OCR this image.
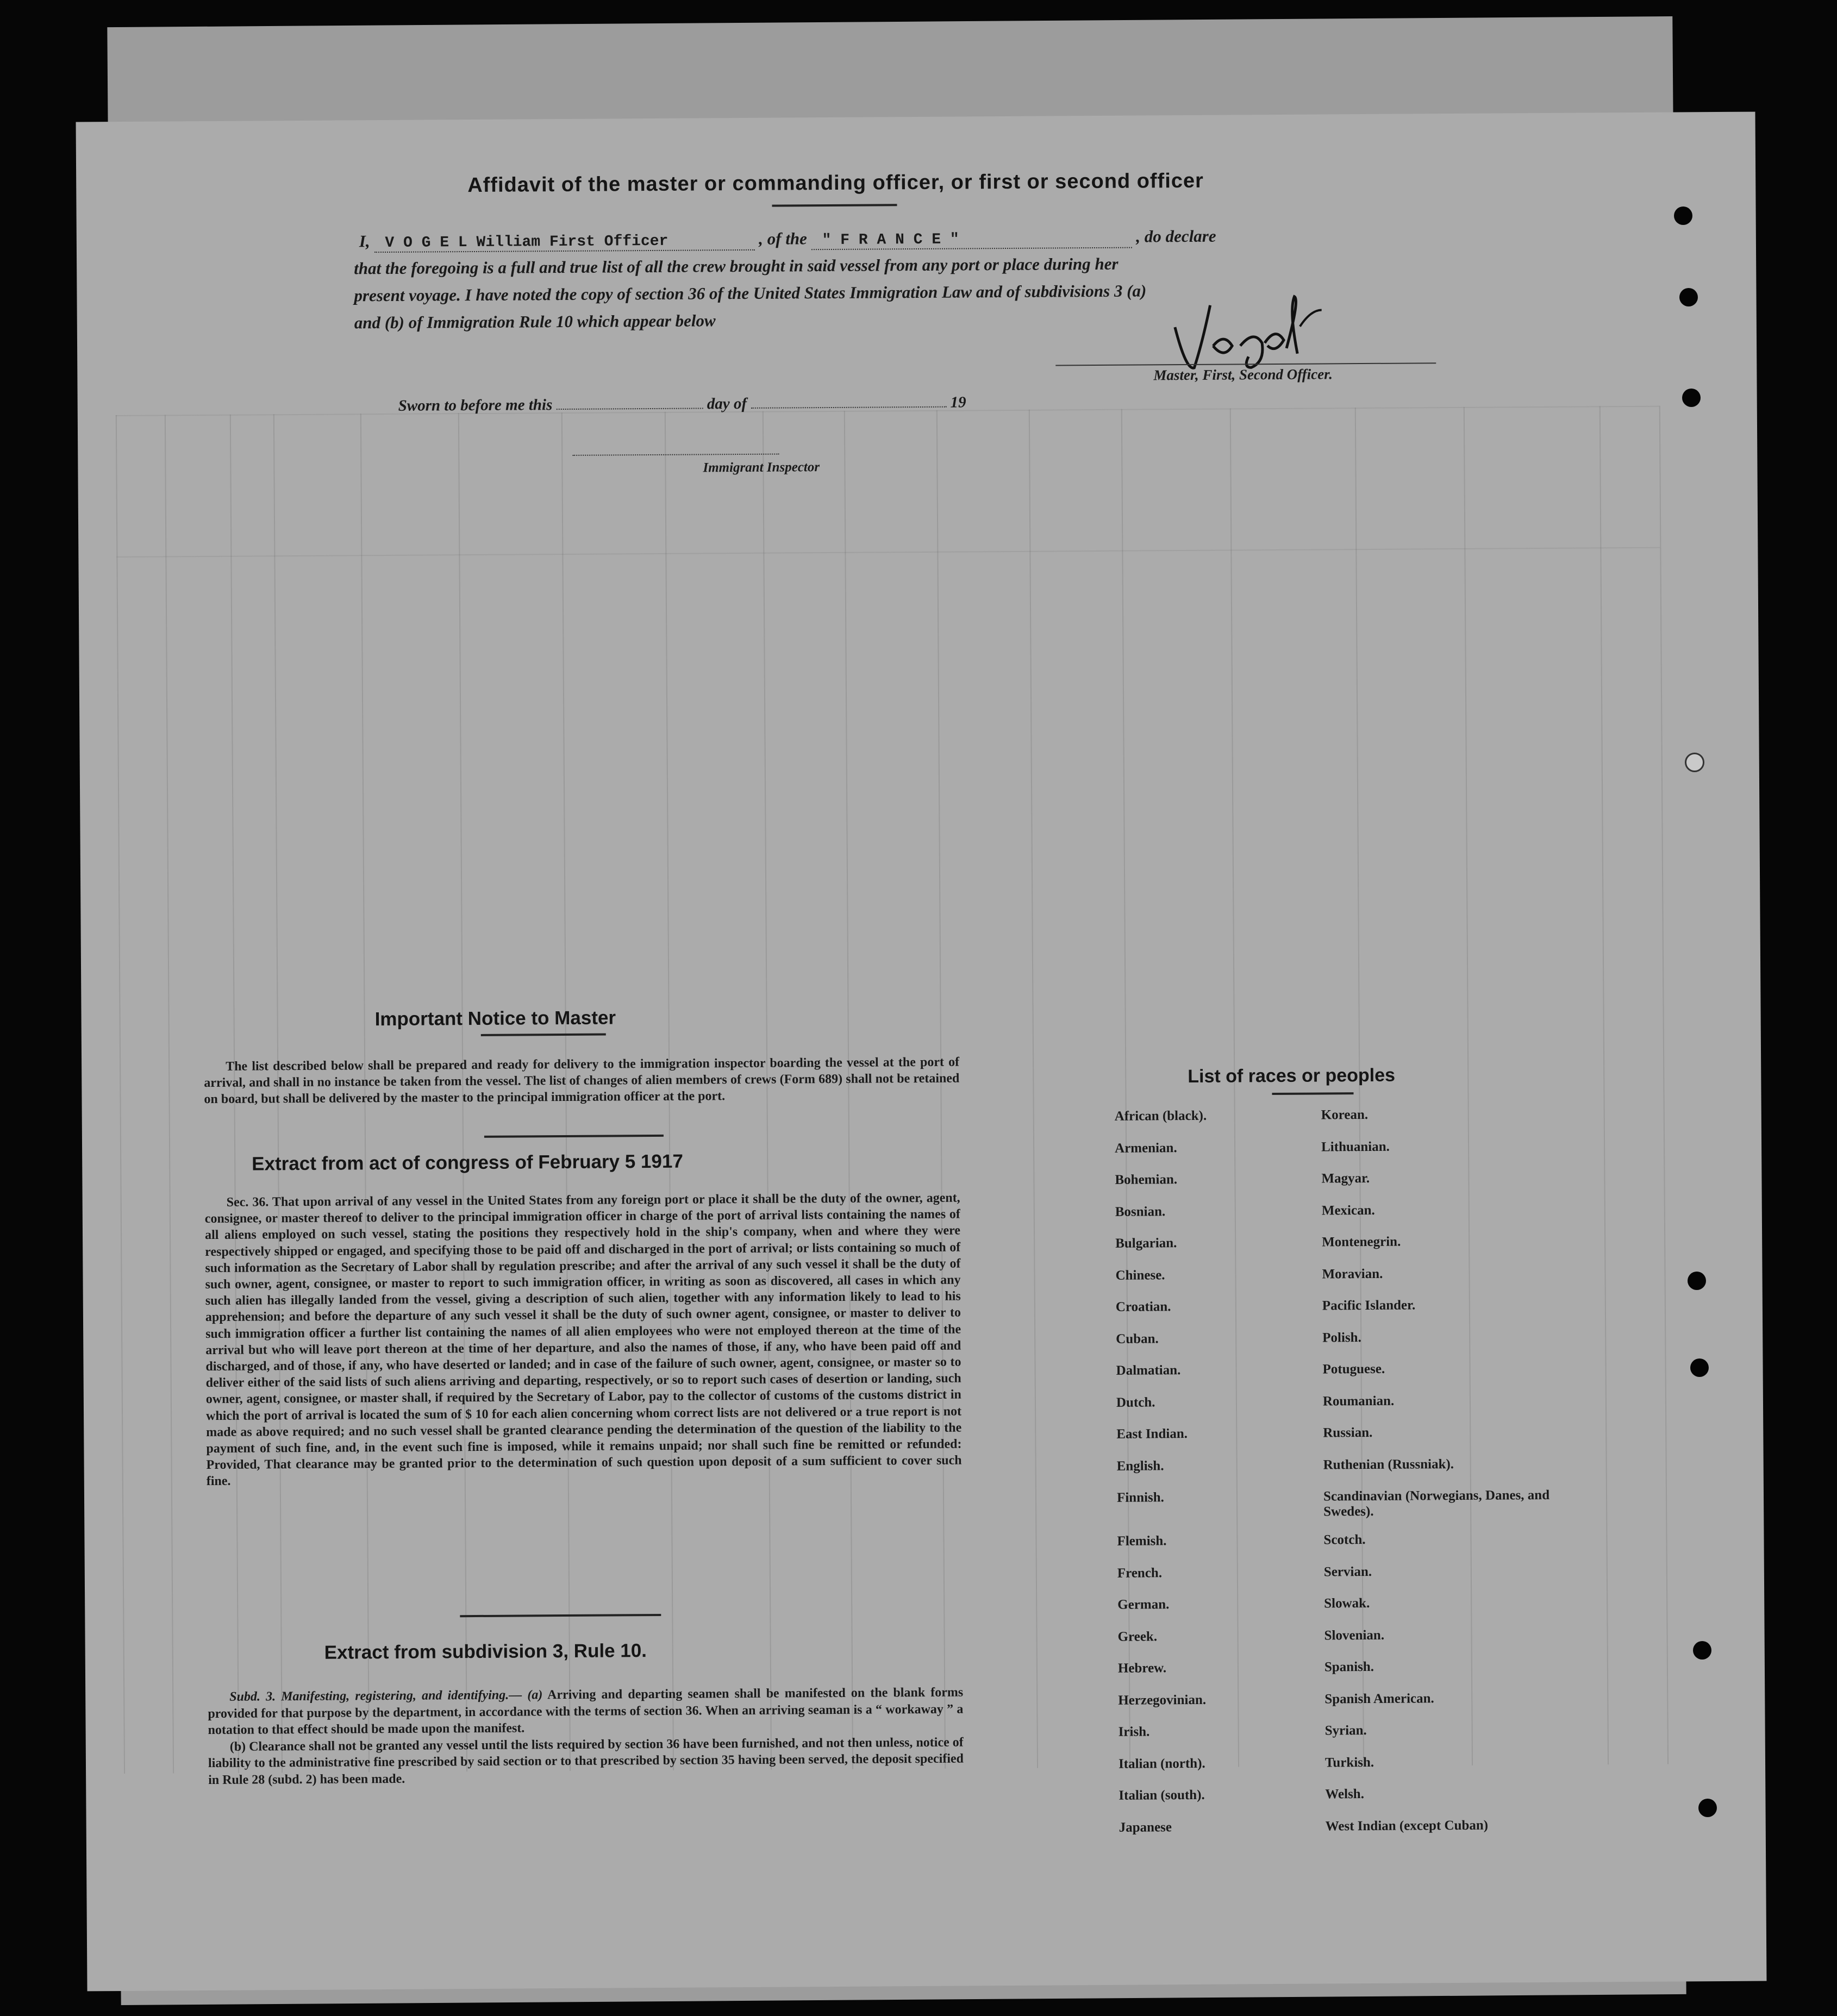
Affidavit of the master or commanding officer, or first or second officer
I, V O G E L William First Officer	, of the " F R A N C E "	, do declare
that the foregoing is a full and true list of all the crew brought in said vessel from any port or place during her
present voyage. I have noted the copy of section 36 of the United States Immigration Law and of subdivisions 3 (a)
and (b) of Immigration Rule 10 which appear below
Master, First, Second Officer.
Sworn to before me this	day of	19
Immigrant Inspector
Important Notice to Master
The list described below shall be prepared and ready for delivery to the immigration inspector boarding the vessel at the port of arrival, and shall in no instance be taken from the vessel. The list of changes of alien members of crews (Form 689) shall not be retained on board, but shall be delivered by the master to the principal immigration officer at the port.
Extract from act of congress of February 5 1917
Sec. 36. That upon arrival of any vessel in the United States from any foreign port or place it shall be the duty of the owner, agent, consignee, or master thereof to deliver to the principal immigration officer in charge of the port of arrival lists containing the names of all aliens employed on such vessel, stating the positions they respectively hold in the ship's company, when and where they were respectively shipped or engaged, and specifying those to be paid off and discharged in the port of arrival; or lists containing so much of such information as the Secretary of Labor shall by regulation prescribe; and after the arrival of any such vessel it shall be the duty of such owner, agent, consignee, or master to report to such immigration officer, in writing as soon as discovered, all cases in which any such alien has illegally landed from the vessel, giving a description of such alien, together with any information likely to lead to his apprehension; and before the departure of any such vessel it shall be the duty of such owner agent, consignee, or master to deliver to such immigration officer a further list containing the names of all alien employees who were not employed thereon at the time of the arrival but who will leave port thereon at the time of her departure, and also the names of those, if any, who have been paid off and discharged, and of those, if any, who have deserted or landed; and in case of the failure of such owner, agent, consignee, or master so to deliver either of the said lists of such aliens arriving and departing, respectively, or so to report such cases of desertion or landing, such owner, agent, consignee, or master shall, if required by the Secretary of Labor, pay to the collector of customs of the customs district in which the port of arrival is located the sum of $ 10 for each alien concerning whom correct lists are not delivered or a true report is not made as above required; and no such vessel shall be granted clearance pending the determination of the question of the liability to the payment of such fine, and, in the event such fine is imposed, while it remains unpaid; nor shall such fine be remitted or refunded: Provided, That clearance may be granted prior to the determination of such question upon deposit of a sum sufficient to cover such fine.
Extract from subdivision 3, Rule 10.

Subd. 3. Manifesting, registering, and identifying.— (a) Arriving and departing seamen shall be manifested on the blank forms provided for that purpose by the department, in accordance with the terms of section 36. When an arriving seaman is a “ workaway ” a notation to that effect should be made upon the manifest.

(b) Clearance shall not be granted any vessel until the lists required by section 36 have been furnished, and not then unless, notice of liability to the administrative fine prescribed by said section or to that prescribed by section 35 having been served, the deposit specified in Rule 28 (subd. 2) has been made.

List of races or peoples
African (black).	Korean.
Armenian.	Lithuanian.
Bohemian.	Magyar.
Bosnian.	Mexican.
Bulgarian.	Montenegrin.
Chinese.	Moravian.
Croatian.	Pacific Islander.
Cuban.	Polish.
Dalmatian.	Potuguese.
Dutch.	Roumanian.
East Indian.	Russian.
English.	Ruthenian (Russniak).
Finnish.	Scandinavian (Norwegians, Danes, and Swedes).
Flemish.	Scotch.
French.	Servian.
German.	Slowak.
Greek.	Slovenian.
Hebrew.	Spanish.
Herzegovinian.	Spanish American.
Irish.	Syrian.
Italian (north).	Turkish.
Italian (south).	Welsh.
Japanese	West Indian (except Cuban)
